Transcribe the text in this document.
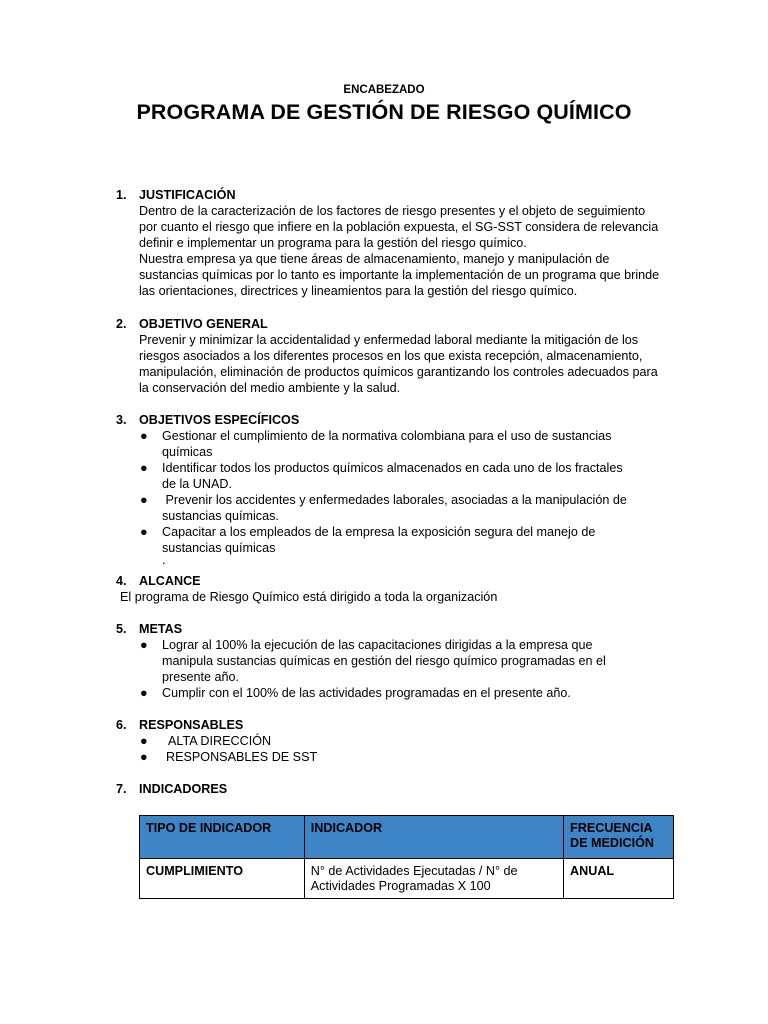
ENCABEZADO
PROGRAMA DE GESTIÓN DE RIESGO QUÍMICO
1. JUSTIFICACIÓN
Dentro de la caracterización de los factores de riesgo presentes y el objeto de seguimiento
por cuanto el riesgo que infiere en la población expuesta, el SG-SST considera de relevancia
definir e implementar un programa para la gestión del riesgo químico.
Nuestra empresa ya que tiene áreas de almacenamiento, manejo y manipulación de
sustancias químicas por lo tanto es importante la implementación de un programa que brinde
las orientaciones, directrices y lineamientos para la gestión del riesgo químico.
2. OBJETIVO GENERAL
Prevenir y minimizar la accidentalidad y enfermedad laboral mediante la mitigación de los
riesgos asociados a los diferentes procesos en los que exista recepción, almacenamiento,
manipulación, eliminación de productos químicos garantizando los controles adecuados para
la conservación del medio ambiente y la salud.
3. OBJETIVOS ESPECÍFICOS
● Gestionar el cumplimiento de la normativa colombiana para el uso de sustancias
químicas
● Identificar todos los productos químicos almacenados en cada uno de los fractales
de la UNAD.
● Prevenir los accidentes y enfermedades laborales, asociadas a la manipulación de
sustancias químicas.
● Capacitar a los empleados de la empresa la exposición segura del manejo de
sustancias químicas
.
4. ALCANCE
El programa de Riesgo Químico está dirigido a toda la organización
5. METAS
● Lograr al 100% la ejecución de las capacitaciones dirigidas a la empresa que
manipula sustancias químicas en gestión del riesgo químico programadas en el
presente año.
● Cumplir con el 100% de las actividades programadas en el presente año.
6. RESPONSABLES
●	ALTA DIRECCIÓN
●	RESPONSABLES DE SST
7. INDICADORES
TIPO DE INDICADOR	INDICADOR	FRECUENCIA
DE MEDICIÓN

CUMPLIMIENTO	N° de Actividades Ejecutadas / N° de
Actividades Programadas X 100	ANUAL
